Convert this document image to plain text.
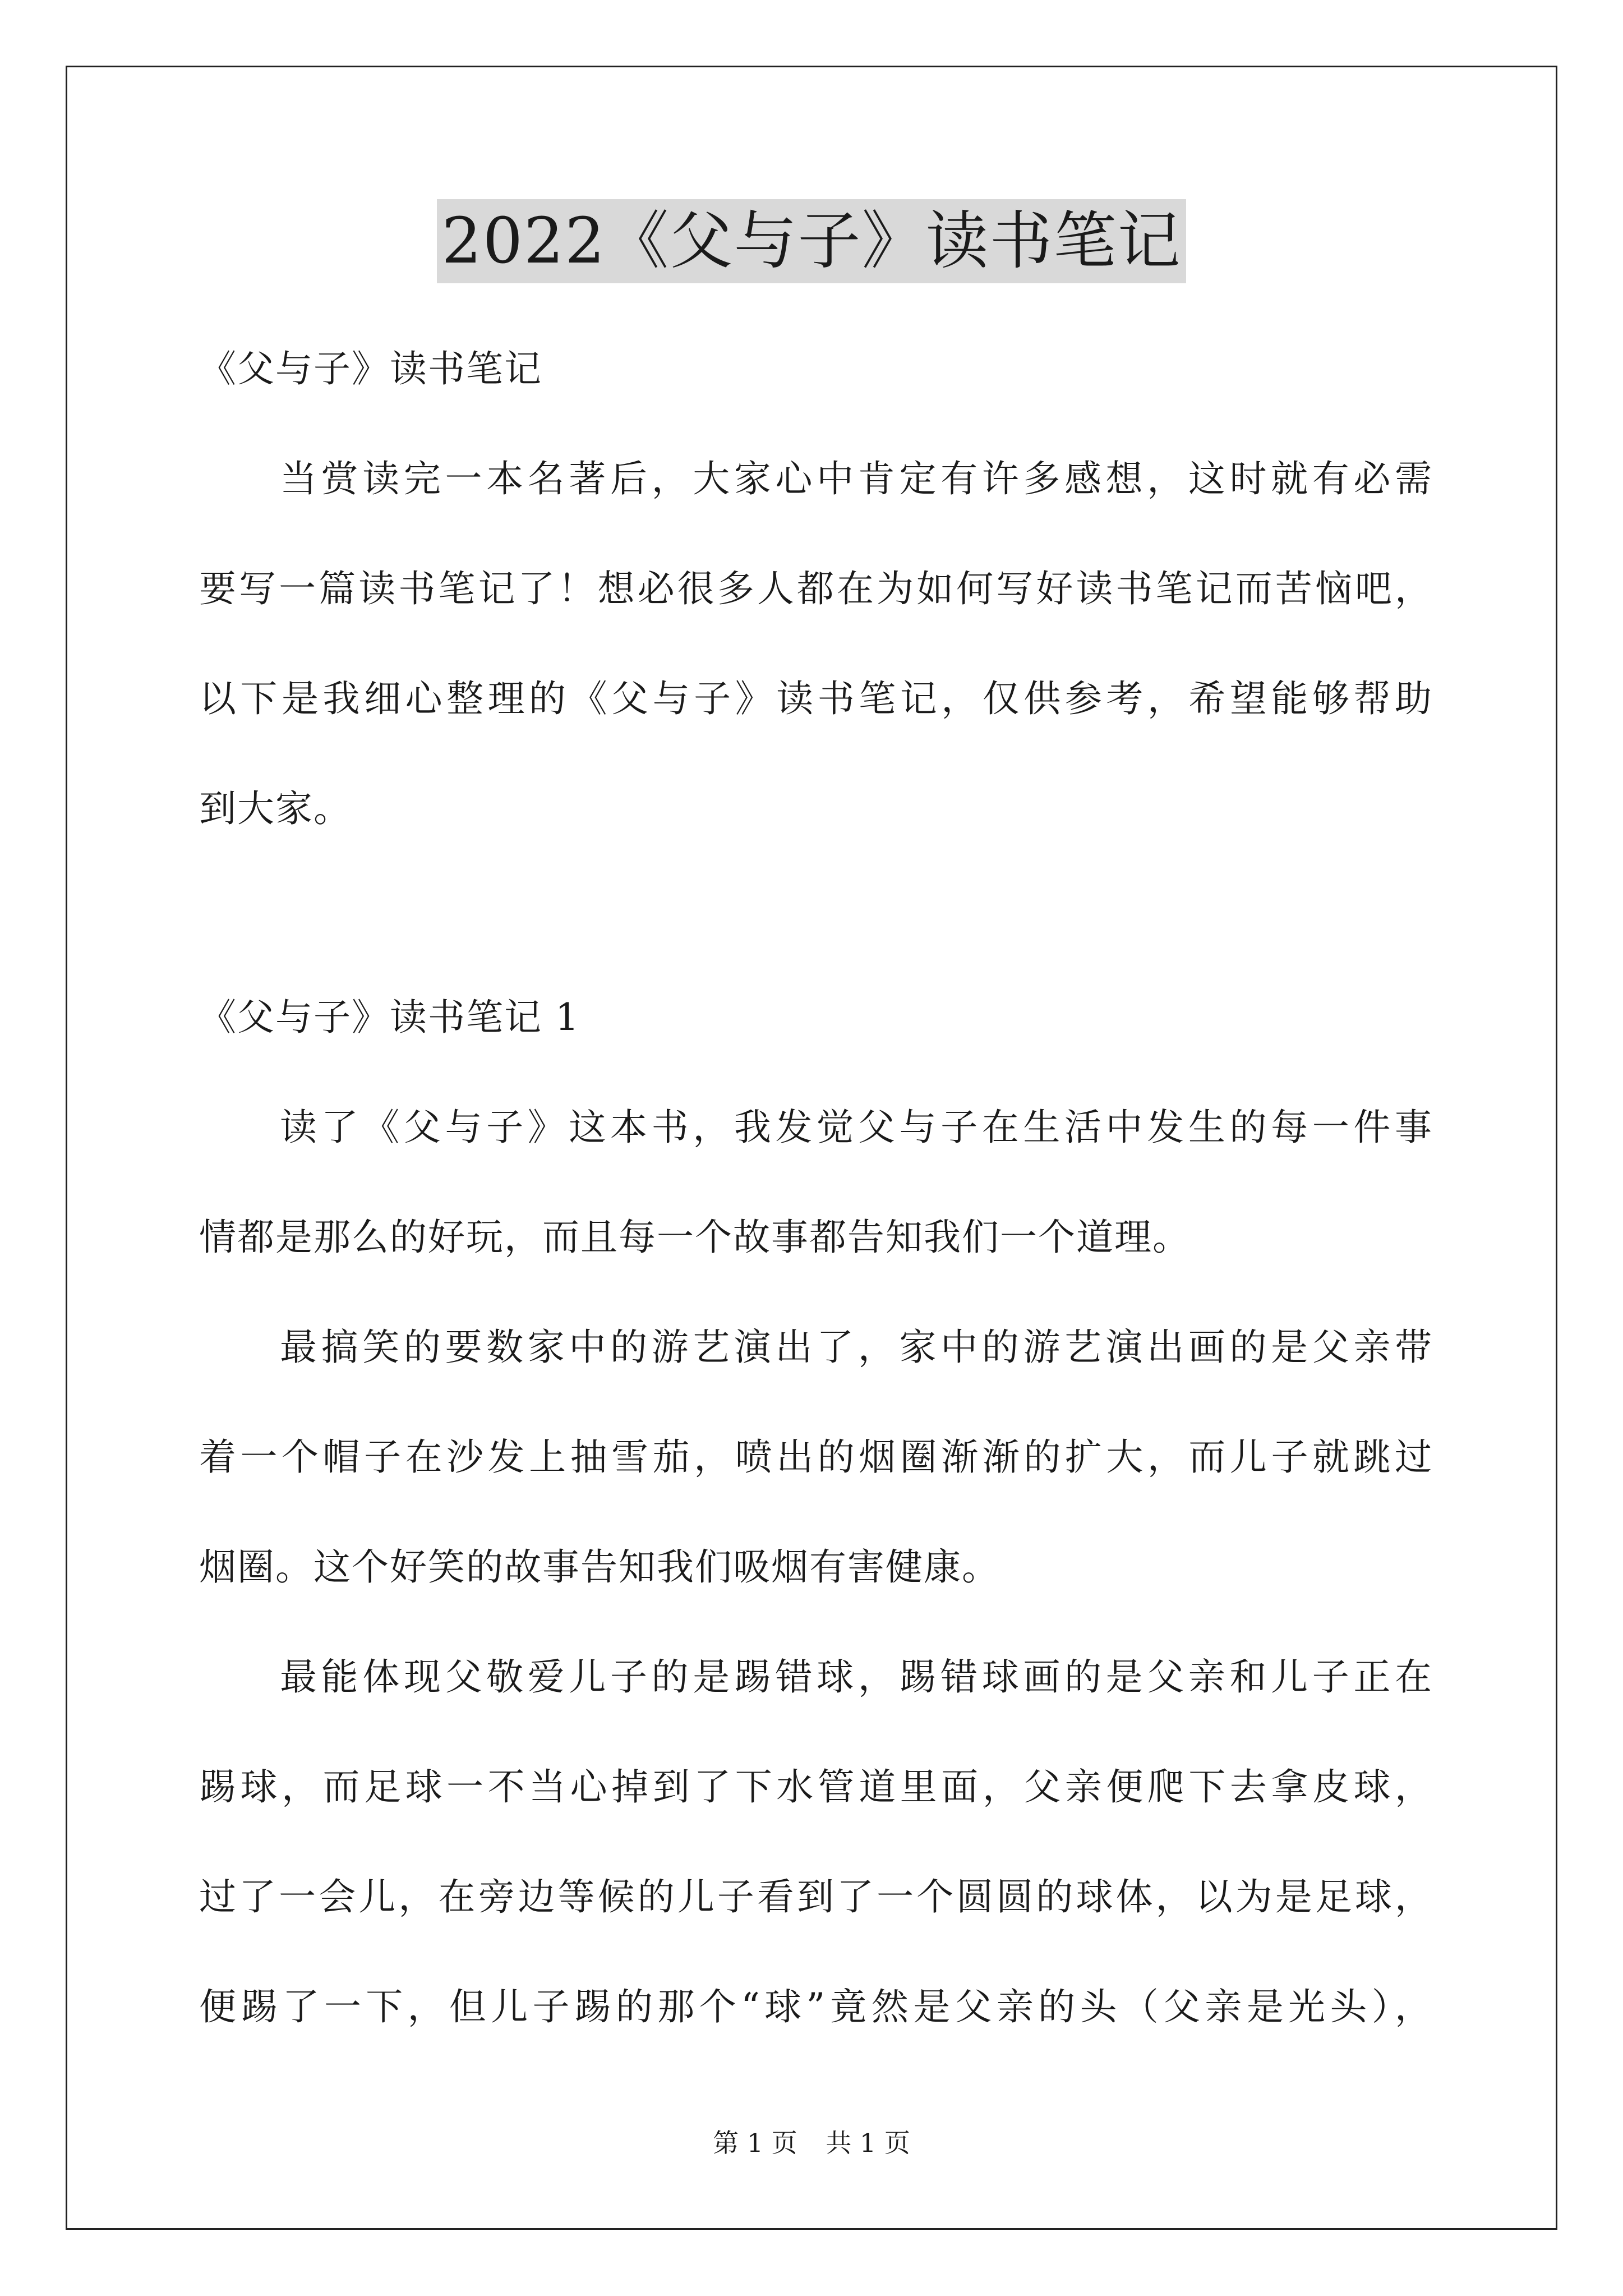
2022《父与子》读书笔记
《父与子》读书笔记
当赏读完一本名著后，大家心中肯定有许多感想，这时就有必需
要写一篇读书笔记了！想必很多人都在为如何写好读书笔记而苦恼吧，
以下是我细心整理的《父与子》读书笔记，仅供参考，希望能够帮助
到大家。
《父与子》读书笔记 1
读了《父与子》这本书，我发觉父与子在生活中发生的每一件事
情都是那么的好玩，而且每一个故事都告知我们一个道理。
最搞笑的要数家中的游艺演出了，家中的游艺演出画的是父亲带
着一个帽子在沙发上抽雪茄，喷出的烟圈渐渐的扩大，而儿子就跳过
烟圈。这个好笑的故事告知我们吸烟有害健康。
最能体现父敬爱儿子的是踢错球，踢错球画的是父亲和儿子正在
踢球，而足球一不当心掉到了下水管道里面，父亲便爬下去拿皮球，
过了一会儿，在旁边等候的儿子看到了一个圆圆的球体，以为是足球，
便踢了一下，但儿子踢的那个“球”竟然是父亲的头（父亲是光头），
第 1 页 共 1 页
